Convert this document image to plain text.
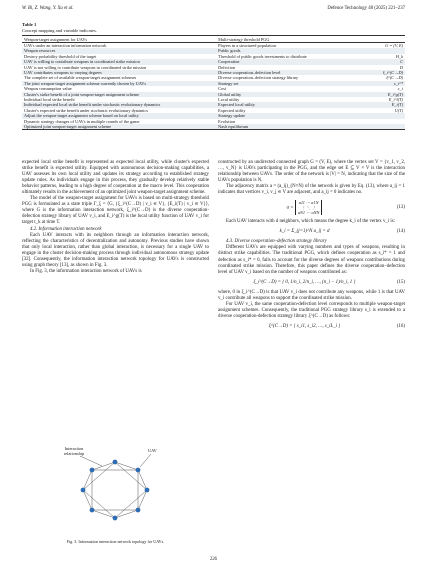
W. Bi, Z. Wang, Y. Xu et al.	Defence Technology 48 (2025) 221–237
Table 1
Concept mapping and variable indicates.
Weapon-target assignment for UAVs		Multi-strategy threshold PGG	
UAVs under an interaction information network		Players in a structured population	G = (V, E)
Weapon resources		Public goods	
Destroy probability threshold of the target		Threshold of public goods investments to distribute	H_k
UAV is willing to contribute weapons in coordinated strike mission		Cooperation	C
UAV is not willing to contribute weapons in coordinated strike mission		Defection	D
UAV contributes weapons to varying degrees		Diverse cooperation–defection level	ξ_i^(C→D)
The complete set of available weapon-target assignment schemes		Diverse cooperation–defection strategy library	ξ^(C→D)
The joint weapon-target assignment scheme currently chosen by UAVs		Strategy set	s_i^*
Weapon consumption value		Cost	c_i
Cluster's strike benefit of a joint weapon-target assignment scheme		Global utility	E_i^g(T)
Individual local strike benefit		Local utility	E_i^l(T)
Individual expected local strike benefit under stochastic evolutionary dynamics		Expected local utility	E_i(T)
Cluster's expected strike benefit under stochastic evolutionary dynamics		Expected utility	U(T)
Adjust the weapon-target assignment scheme based on local utility		Strategy update	
Dynamic strategy changes of UAVs in multiple rounds of the game		Evolution	
Optimized joint weapon-target assignment scheme		Nash equilibrium	

expected local strike benefit is represented as expected local utility, while cluster's expected strike benefit is expected utility. Equipped with autonomous decision-making capabilities, a UAV assesses its own local utility and updates its strategy according to established strategy update rules. As individuals engage in this process, they gradually develop relatively stable behavior patterns, leading to a high degree of cooperation at the macro level. This cooperation ultimately results in the achievement of an optimized joint weapon-target assignment scheme.

The model of the weapon-target assignment for UAVs is based on multi-strategy threshold PGG is formulated as a state triple Γ_ξ = ⟨G, {ξ_i^(C→D) | v_i ∈ V}, {E_i(T) | v_i ∈ V}⟩, where G is the information interaction network, ξ_i^(C→D) is the diverse cooperation-defection strategy library of UAV v_i, and E_i^g(T) is the local utility function of UAV v_i for target t_k at time T.

4.2. Information interaction network

Each UAV interacts with its neighbors through an information interaction network, reflecting the characteristics of decentralization and autonomy. Previous studies have shown that only local interaction, rather than global interaction, is necessary for a single UAV to engage in the cluster decision-making process through individual autonomous strategy update [32]. Consequently, the information interaction network topology for UAVs is constructed using graph theory [13], as shown in Fig. 3.

In Fig. 3, the information interaction network of UAVs is

Interaction relationship
UAV
Fig. 3. Information interaction network topology for UAVs.

constructed by an undirected connected graph G = (V, E), where the vertex set V = {v_1, v_2, …, v_N} is UAVs participating in the PGG, and the edge set E ⊆ V × V is the interaction relationship between UAVs. The order of the network is |V| = N, indicating that the size of the UAVs population is N.

The adjacency matrix a = (a_ij)_(N×N) of the network is given by Eq. (13), where a_ij = 1 indicates that vertices v_i, v_j ∈ V are adjacent, and a_ij = 0 indicates no.

a =
a11 ⋯ a1N
⋮ ⋱ ⋮
aN1 ⋯ aNN
(13)

Each UAV interacts with d neighbors, which means the degree k_i of the vertex v_i is:

k_i = Σ_(j=1)^N a_ij = d	(14)

4.3. Diverse cooperation–defection strategy library

Different UAVs are equipped with varying numbers and types of weapons, resulting in distinct strike capabilities. The traditional PGG, which defines cooperation as s_i* = 1 and defection as s_i* = 0, fails to account for the diverse degrees of weapons contributions during coordinated strike mission. Therefore, this paper defines the diverse cooperation–defection level of UAV v_i based on the number of weapons contributed as:

ξ_i^(C→D) = { 0, 1/n_i, 2/n_i, …, (n_i − 1)/n_i, 1 }	(15)

where, 0 in ξ_i^(C→D) is that UAV v_i does not contribute any weapons, while 1 is that UAV v_i contribute all weapons to support the coordinated strike mission.

For UAV v_i, the same cooperation-defection level corresponds to multiple weapon-target assignment schemes. Consequently, the traditional PGG strategy library s_i is extended to a diverse cooperation-defection strategy library ξ^(C→D) as follows:

ξ^(C→D) = { s_i1, s_i2, …, s_iL_i }	(16)
226
